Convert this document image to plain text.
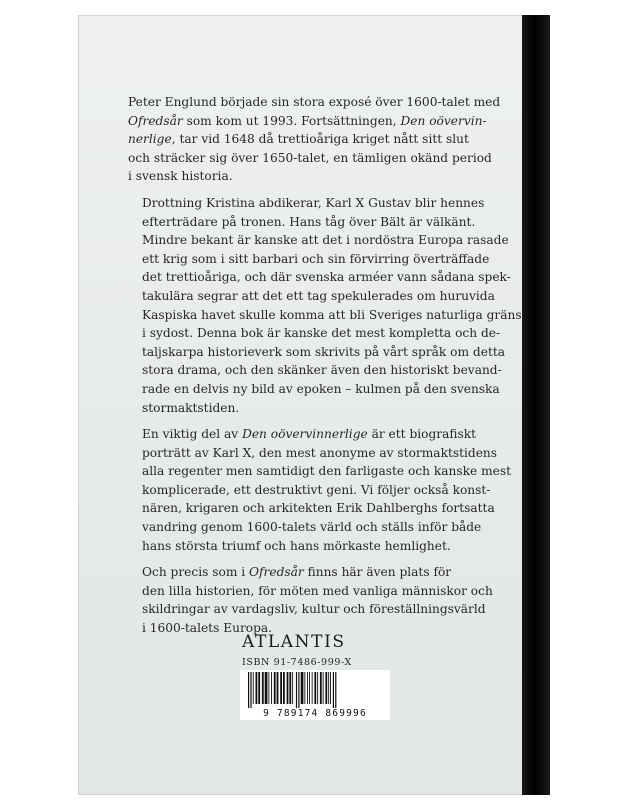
Peter Englund började sin stora exposé över 1600-talet med
Ofredsår som kom ut 1993. Fortsättningen, Den oövervin-
nerlige, tar vid 1648 då trettioåriga kriget nått sitt slut
och sträcker sig över 1650-talet, en tämligen okänd period
i svensk historia.

Drottning Kristina abdikerar, Karl X Gustav blir hennes
efterträdare på tronen. Hans tåg över Bält är välkänt.
Mindre bekant är kanske att det i nordöstra Europa rasade
ett krig som i sitt barbari och sin förvirring överträffade
det trettioåriga, och där svenska arméer vann sådana spek-
takulära segrar att det ett tag spekulerades om huruvida
Kaspiska havet skulle komma att bli Sveriges naturliga gräns
i sydost. Denna bok är kanske det mest kompletta och de-
taljskarpa historieverk som skrivits på vårt språk om detta
stora drama, och den skänker även den historiskt bevand-
rade en delvis ny bild av epoken – kulmen på den svenska
stormaktstiden.

En viktig del av Den oövervinnerlige är ett biografiskt
porträtt av Karl X, den mest anonyme av stormaktstidens
alla regenter men samtidigt den farligaste och kanske mest
komplicerade, ett destruktivt geni. Vi följer också konst-
nären, krigaren och arkitekten Erik Dahlberghs fortsatta
vandring genom 1600-talets värld och ställs inför både
hans största triumf och hans mörkaste hemlighet.

Och precis som i Ofredsår finns här även plats för
den lilla historien, för möten med vanliga människor och
skildringar av vardagsliv, kultur och föreställningsvärld
i 1600-talets Europa.

ATLANTIS
ISBN 91-7486-999-X
9 789174 869996
